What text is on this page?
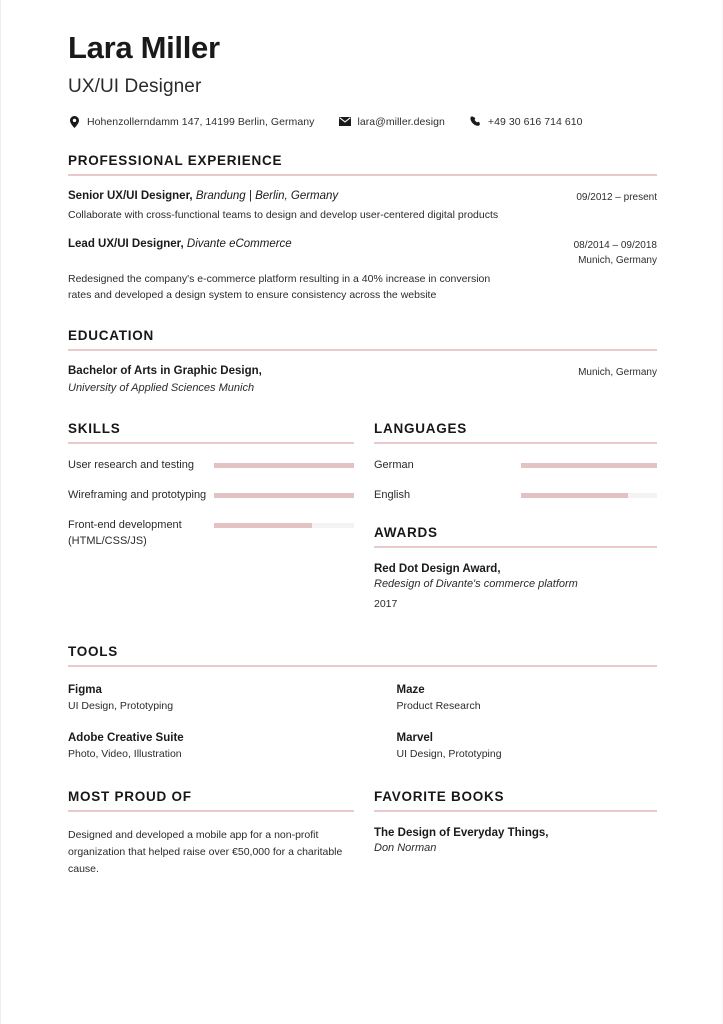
Lara Miller
UX/UI Designer
Hohenzollerndamm 147, 14199 Berlin, Germany	lara@miller.design	+49 30 616 714 610
PROFESSIONAL EXPERIENCE
Senior UX/UI Designer, Brandung | Berlin, Germany	09/2012 – present
Collaborate with cross-functional teams to design and develop user-centered digital products
Lead UX/UI Designer, Divante eCommerce	08/2014 – 09/2018
Munich, Germany
Redesigned the company's e-commerce platform resulting in a 40% increase in conversion rates and developed a design system to ensure consistency across the website
EDUCATION
Bachelor of Arts in Graphic Design,
University of Applied Sciences Munich
Munich, Germany
SKILLS
User research and testing
Wireframing and prototyping
Front-end development (HTML/CSS/JS)
LANGUAGES
German
English
AWARDS
Red Dot Design Award,
Redesign of Divante's commerce platform
2017
TOOLS
Figma
UI Design, Prototyping
Maze
Product Research
Adobe Creative Suite
Photo, Video, Illustration
Marvel
UI Design, Prototyping
MOST PROUD OF
Designed and developed a mobile app for a non-profit organization that helped raise over €50,000 for a charitable cause.
FAVORITE BOOKS
The Design of Everyday Things,
Don Norman
